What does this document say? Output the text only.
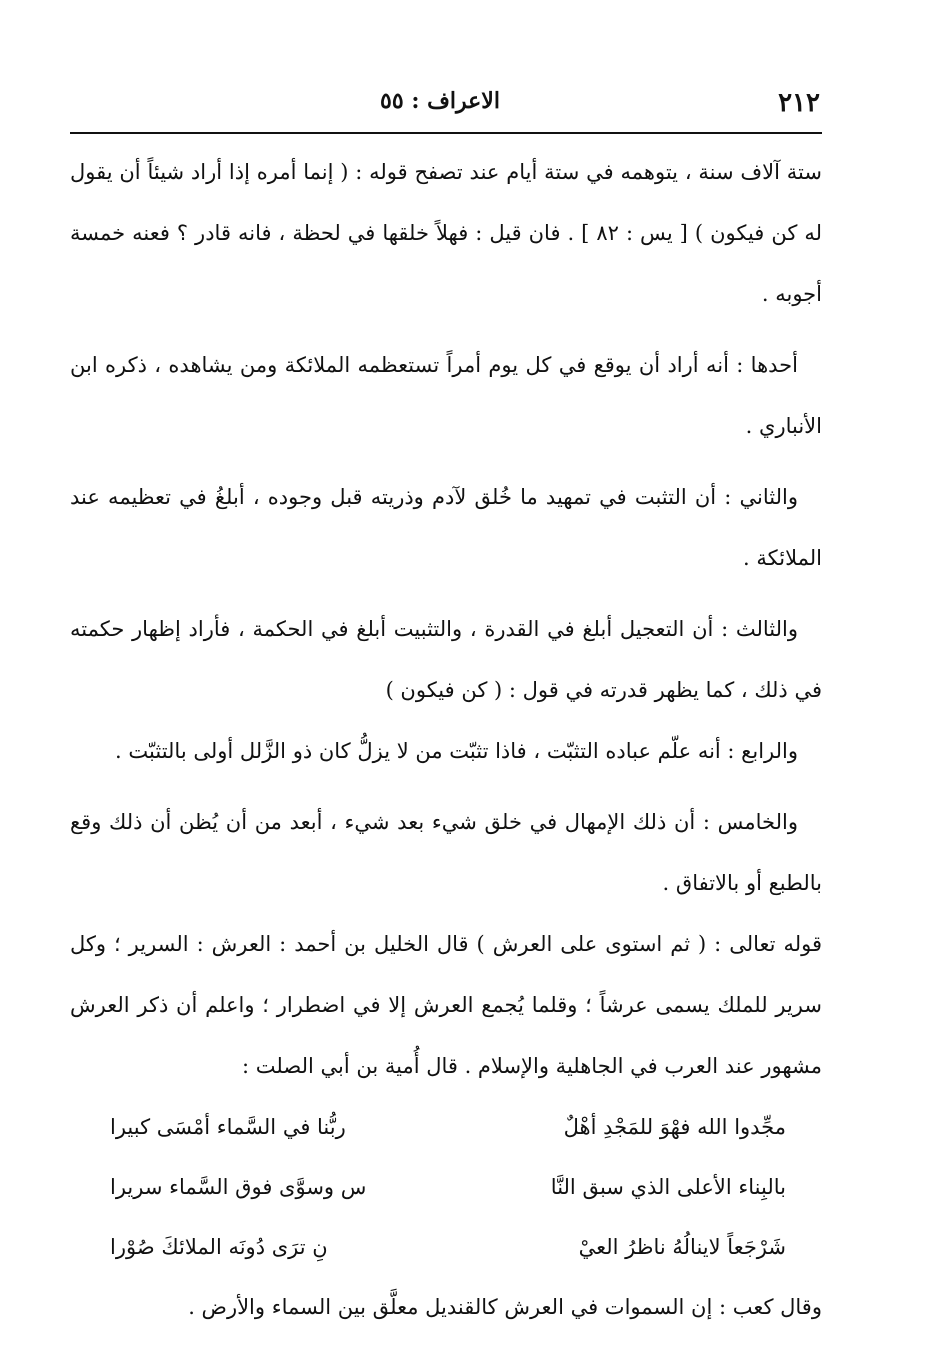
٢١٢
الاعراف : ٥٥

ستة آلاف سنة ، يتوهمه في ستة أيام عند تصفح قوله : ( إنما أمره إذا أراد شيئاً أن يقول له كن فيكون ) [ يس : ٨٢ ] . فان قيل : فهلاً خلقها في لحظة ، فانه قادر ؟ فعنه خمسة أجوبه .

أحدها : أنه أراد أن يوقع في كل يوم أمراً تستعظمه الملائكة ومن يشاهده ، ذكره ابن الأنباري .

والثاني : أن التثبت في تمهيد ما خُلق لآدم وذريته قبل وجوده ، أبلغُ في تعظيمه عند الملائكة .

والثالث : أن التعجيل أبلغ في القدرة ، والتثبيت أبلغ في الحكمة ، فأراد إظهار حكمته في ذلك ، كما يظهر قدرته في قول : ( كن فيكون )

والرابع : أنه علّم عباده التثبّت ، فاذا تثبّت من لا يزلُّ كان ذو الزَّلل أولى بالتثبّت .

والخامس : أن ذلك الإمهال في خلق شيء بعد شيء ، أبعد من أن يُظن أن ذلك وقع بالطبع أو بالاتفاق .

قوله تعالى : ( ثم استوى على العرش ) قال الخليل بن أحمد : العرش : السرير ؛ وكل سرير للملك يسمى عرشاً ؛ وقلما يُجمع العرش إلا في اضطرار ؛ واعلم أن ذكر العرش مشهور عند العرب في الجاهلية والإسلام . قال أُمية بن أبي الصلت :

مجِّدوا الله فهْوَ للمَجْدِ أهْلٌ
ربُّنا في السَّماء أمْسَى كبيرا
بالبِناء الأعلى الذي سبق النَّا
س وسوَّى فوق السَّماء سريرا
شَرْجَعاً لاينالُهُ ناظرُ العيْ
نِ ترَى دُونَه الملائكَ صُوْرا

وقال كعب : إن السموات في العرش كالقنديل معلَّق بين السماء والأرض .
